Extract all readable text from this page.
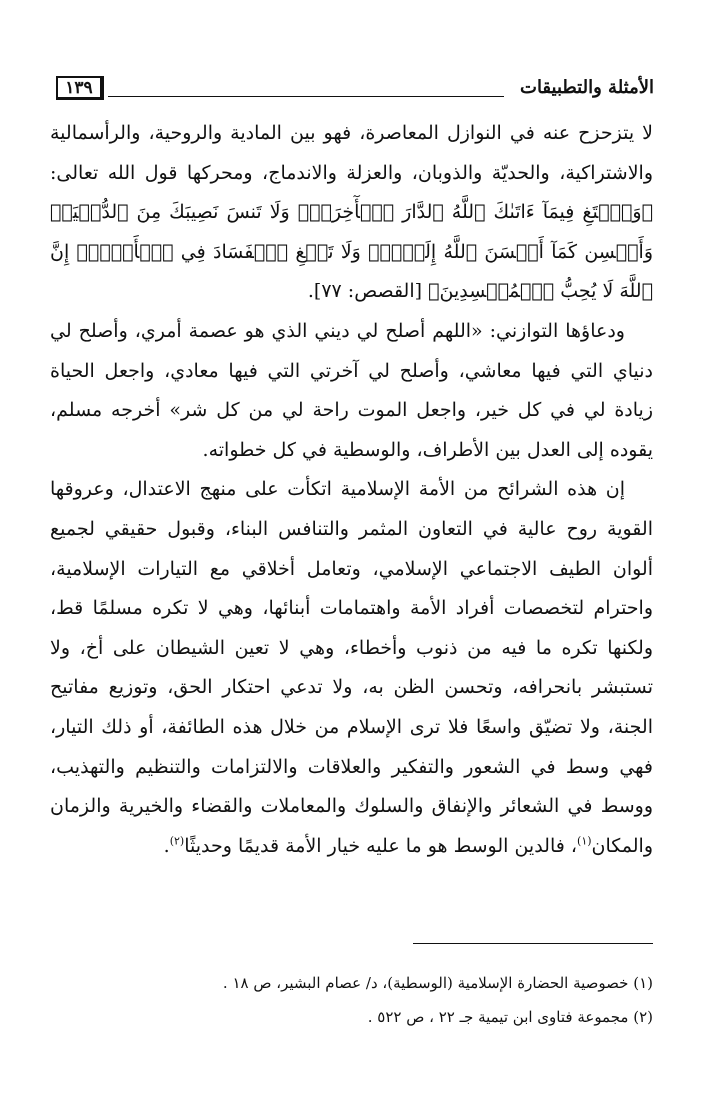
الأمثلة والتطبيقات
١٣٩

لا يتزحزح عنه في النوازل المعاصرة، فهو بين المادية والروحية، والرأسمالية والاشتراكية، والحديّة والذوبان، والعزلة والاندماج، ومحركها قول الله تعالى: ﴿وَٱبۡتَغِ فِيمَآ ءَاتَىٰكَ ٱللَّهُ ٱلدَّارَ ٱلۡأٓخِرَةَۖ وَلَا تَنسَ نَصِيبَكَ مِنَ ٱلدُّنۡيَاۖ وَأَحۡسِن كَمَآ أَحۡسَنَ ٱللَّهُ إِلَيۡكَۖ وَلَا تَبۡغِ ٱلۡفَسَادَ فِي ٱلۡأَرۡضِۖ إِنَّ ٱللَّهَ لَا يُحِبُّ ٱلۡمُفۡسِدِينَ﴾ [القصص: ٧٧].

ودعاؤها التوازني: «اللهم أصلح لي ديني الذي هو عصمة أمري، وأصلح لي دنياي التي فيها معاشي، وأصلح لي آخرتي التي فيها معادي، واجعل الحياة زيادة لي في كل خير، واجعل الموت راحة لي من كل شر» أخرجه مسلم، يقوده إلى العدل بين الأطراف، والوسطية في كل خطواته.

إن هذه الشرائح من الأمة الإسلامية اتكأت على منهج الاعتدال، وعروقها القوية روح عالية في التعاون المثمر والتنافس البناء، وقبول حقيقي لجميع ألوان الطيف الاجتماعي الإسلامي، وتعامل أخلاقي مع التيارات الإسلامية، واحترام لتخصصات أفراد الأمة واهتمامات أبنائها، وهي لا تكره مسلمًا قط، ولكنها تكره ما فيه من ذنوب وأخطاء، وهي لا تعين الشيطان على أخ، ولا تستبشر بانحرافه، وتحسن الظن به، ولا تدعي احتكار الحق، وتوزيع مفاتيح الجنة، ولا تضيّق واسعًا فلا ترى الإسلام من خلال هذه الطائفة، أو ذلك التيار، فهي وسط في الشعور والتفكير والعلاقات والالتزامات والتنظيم والتهذيب، ووسط في الشعائر والإنفاق والسلوك والمعاملات والقضاء والخيرية والزمان والمكان$^{(١)}$، فالدين الوسط هو ما عليه خيار الأمة قديمًا وحديثًا$^{(٢)}$.

(١) خصوصية الحضارة الإسلامية (الوسطية)، د/ عصام البشير، ص ١٨ .
(٢) مجموعة فتاوى ابن تيمية جـ ٢٢ ، ص ٥٢٢ .
